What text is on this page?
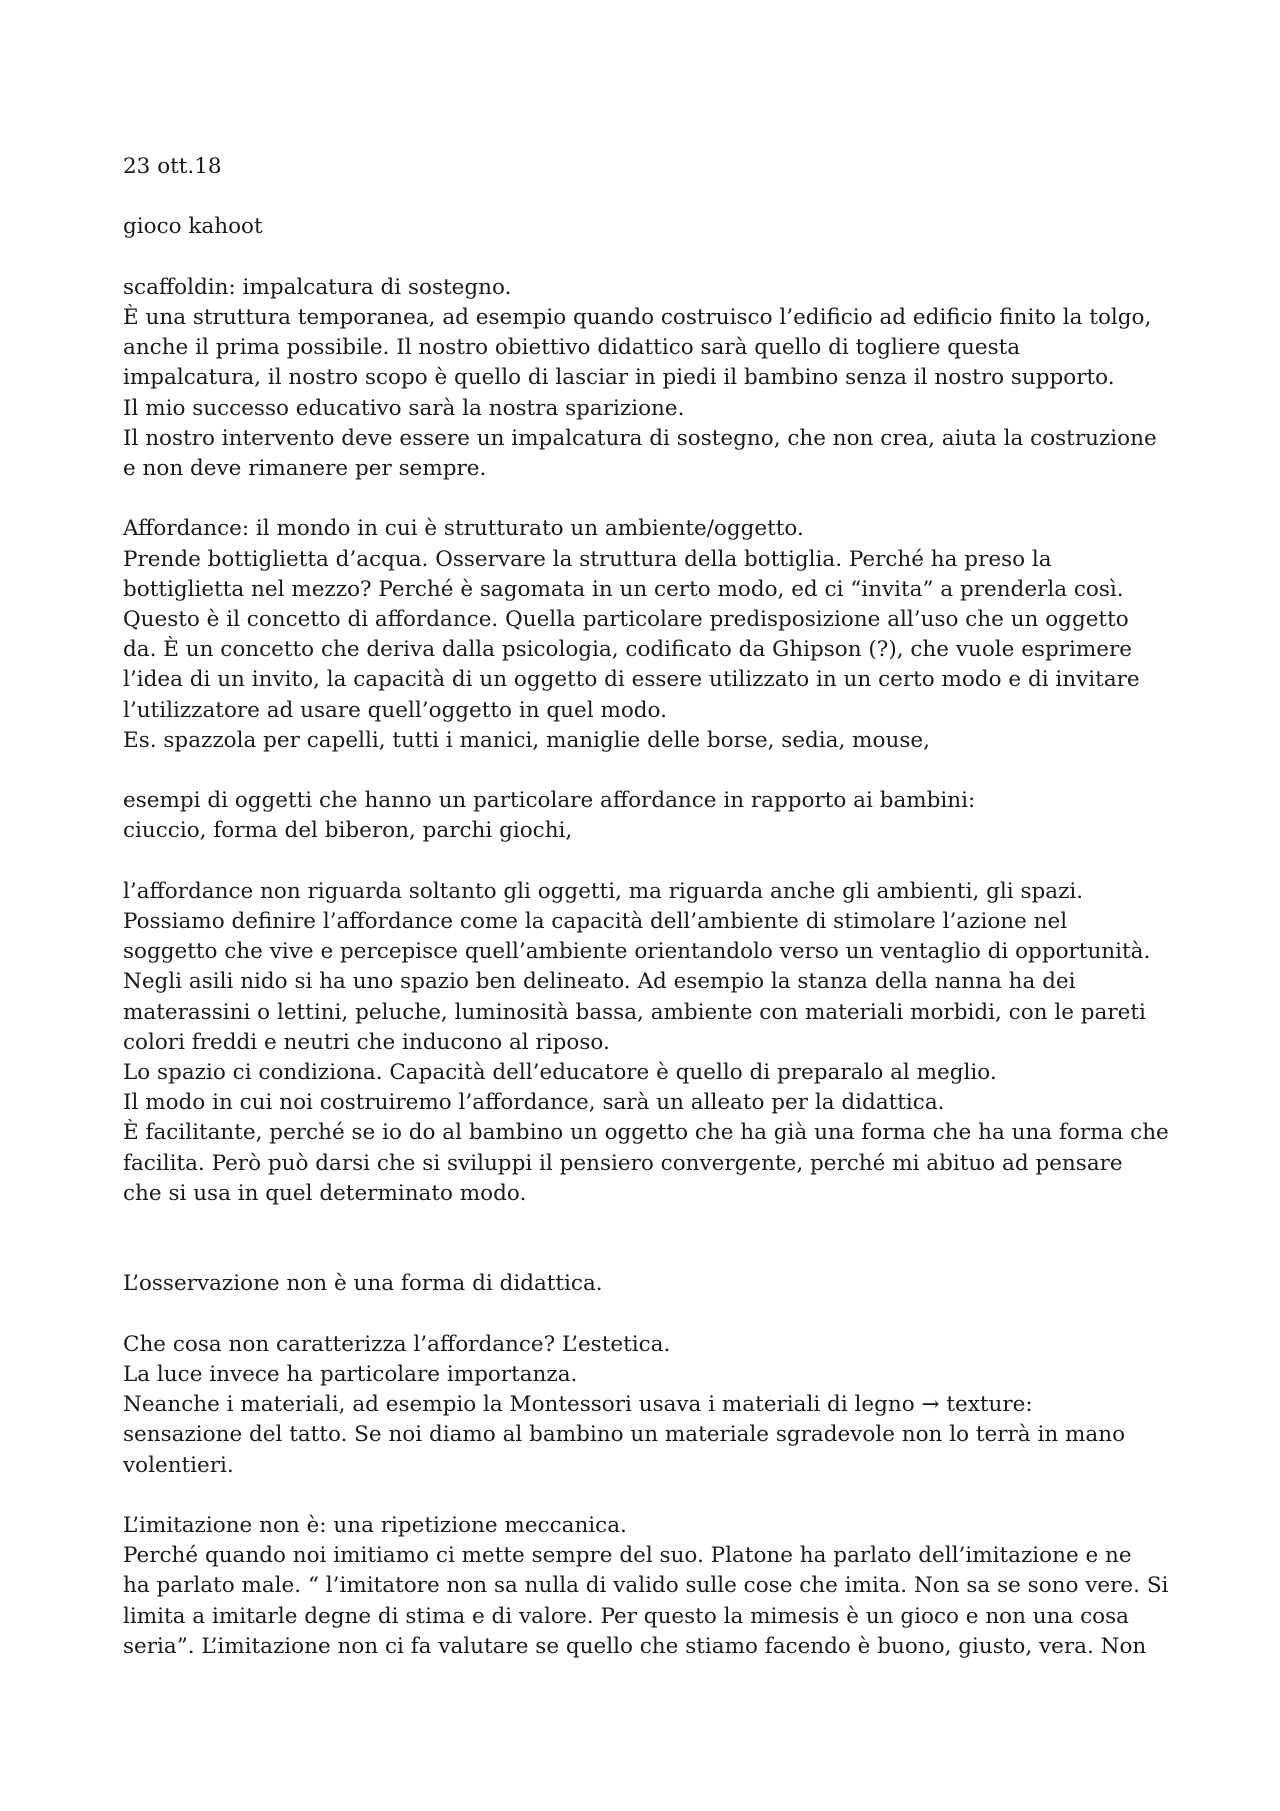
23 ott.18

gioco kahoot

scaffoldin: impalcatura di sostegno.
È una struttura temporanea, ad esempio quando costruisco l’edificio ad edificio finito la tolgo,
anche il prima possibile. Il nostro obiettivo didattico sarà quello di togliere questa
impalcatura, il nostro scopo è quello di lasciar in piedi il bambino senza il nostro supporto.
Il mio successo educativo sarà la nostra sparizione.
Il nostro intervento deve essere un impalcatura di sostegno, che non crea, aiuta la costruzione
e non deve rimanere per sempre.

Affordance: il mondo in cui è strutturato un ambiente/oggetto.
Prende bottiglietta d’acqua. Osservare la struttura della bottiglia. Perché ha preso la
bottiglietta nel mezzo? Perché è sagomata in un certo modo, ed ci “invita” a prenderla così.
Questo è il concetto di affordance. Quella particolare predisposizione all’uso che un oggetto
da. È un concetto che deriva dalla psicologia, codificato da Ghipson (?), che vuole esprimere
l’idea di un invito, la capacità di un oggetto di essere utilizzato in un certo modo e di invitare
l’utilizzatore ad usare quell’oggetto in quel modo.
Es. spazzola per capelli, tutti i manici, maniglie delle borse, sedia, mouse,

esempi di oggetti che hanno un particolare affordance in rapporto ai bambini:
ciuccio, forma del biberon, parchi giochi,

l’affordance non riguarda soltanto gli oggetti, ma riguarda anche gli ambienti, gli spazi.
Possiamo definire l’affordance come la capacità dell’ambiente di stimolare l’azione nel
soggetto che vive e percepisce quell’ambiente orientandolo verso un ventaglio di opportunità.
Negli asili nido si ha uno spazio ben delineato. Ad esempio la stanza della nanna ha dei
materassini o lettini, peluche, luminosità bassa, ambiente con materiali morbidi, con le pareti
colori freddi e neutri che inducono al riposo.
Lo spazio ci condiziona. Capacità dell’educatore è quello di preparalo al meglio.
Il modo in cui noi costruiremo l’affordance, sarà un alleato per la didattica.
È facilitante, perché se io do al bambino un oggetto che ha già una forma che ha una forma che
facilita. Però può darsi che si sviluppi il pensiero convergente, perché mi abituo ad pensare
che si usa in quel determinato modo.

L’osservazione non è una forma di didattica.

Che cosa non caratterizza l’affordance? L’estetica.
La luce invece ha particolare importanza.
Neanche i materiali, ad esempio la Montessori usava i materiali di legno → texture:
sensazione del tatto. Se noi diamo al bambino un materiale sgradevole non lo terrà in mano
volentieri.

L’imitazione non è: una ripetizione meccanica.
Perché quando noi imitiamo ci mette sempre del suo. Platone ha parlato dell’imitazione e ne
ha parlato male. “ l’imitatore non sa nulla di valido sulle cose che imita. Non sa se sono vere. Si
limita a imitarle degne di stima e di valore. Per questo la mimesis è un gioco e non una cosa
seria”. L’imitazione non ci fa valutare se quello che stiamo facendo è buono, giusto, vera. Non
